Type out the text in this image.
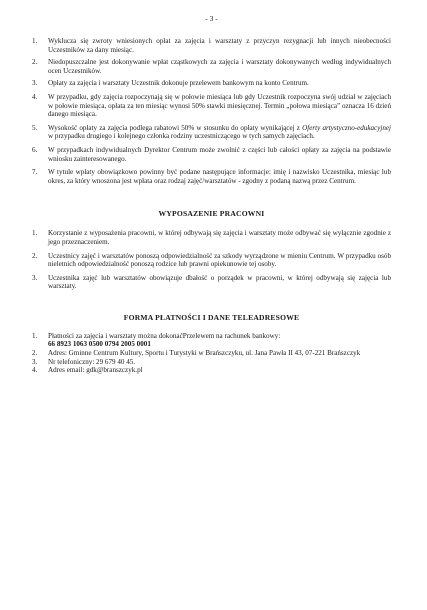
- 3 -
1.	Wyklucza się zwroty wniesionych opłat za zajęcia i warsztaty z przyczyn rezygnacji lub innych nieobecności Uczestników za dany miesiąc.
2.	Niedopuszczalne jest dokonywanie wpłat cząstkowych za zajęcia i warsztaty dokonywanych według indywidualnych ocen Uczestników.
3.	Opłaty za zajęcia i warsztaty Uczestnik dokonuje przelewem bankowym na konto Centrum.
4.	W przypadku, gdy zajęcia rozpoczynają się w połowie miesiąca lub gdy Uczestnik rozpoczyna swój udział w zajęciach w połowie miesiąca, opłata za ten miesiąc wynosi 50% stawki miesięcznej. Termin „połowa miesiąca” oznacza 16 dzień danego miesiąca.
5.	Wysokość opłaty za zajęcia podlega rabatowi 50% w stosunku do opłaty wynikającej z Oferty artystyczno-edukacyjnej w przypadku drugiego i kolejnego członka rodziny uczestniczącego w tych samych zajęciach.
6.	W przypadkach indywidualnych Dyrektor Centrum może zwolnić z części lub całości opłaty za zajęcia na podstawie wniosku zainteresowanego.
7.	W tytule wpłaty obowiązkowo powinny być podane następujące informacje: imię i nazwisko Uczestnika, miesiąc lub okres, za który wnoszona jest wpłata oraz rodzaj zajęć/warsztatów - zgodny z podaną nazwą przez Centrum.
WYPOSAZENIE PRACOWNI
1.	Korzystanie z wyposażenia pracowni, w której odbywają się zajęcia i warsztaty może odbywać się wyłącznie zgodnie z jego przeznaczeniem.
2.	Uczestnicy zajęć i warsztatów ponoszą odpowiedzialność za szkody wyrządzone w mieniu Centrum. W przypadku osób nieletnich odpowiedzialność ponoszą rodzice lub prawni opiekunowie tej osoby.
3.	Uczestnika zajęć lub warsztatów obowiązuje dbałość o porządek w pracowni, w której odbywają się zajęcia lub warsztaty.
FORMA PŁATNOŚCI I DANE TELEADRESOWE
1.	Płatności za zajęcia i warsztaty można dokonaćPrzelewem na rachunek bankowy:
66 8923 1063 0500 0794 2005 0001
2.	Adres: Gminne Centrum Kultury, Sportu i Turystyki w Brańszczyku, ul. Jana Pawła II 43, 07-221 Brańszczyk
3.	Nr telefoniczny: 29 679 40 45.
4.	Adres email: gdk@branszczyk.pl
